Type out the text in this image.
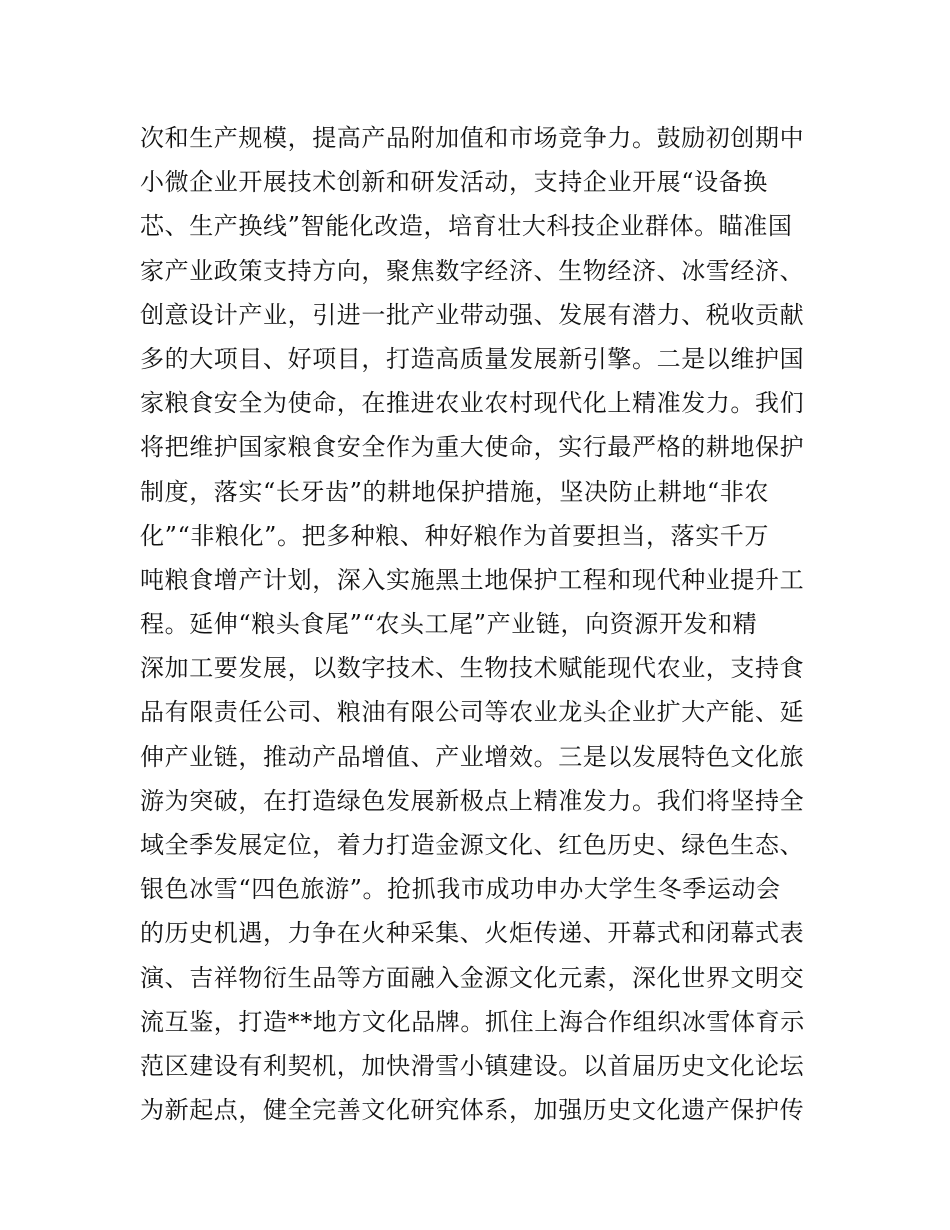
次和生产规模，提高产品附加值和市场竞争力。鼓励初创期中
小微企业开展技术创新和研发活动，支持企业开展“设备换
芯、生产换线”智能化改造，培育壮大科技企业群体。瞄准国
家产业政策支持方向，聚焦数字经济、生物经济、冰雪经济、
创意设计产业，引进一批产业带动强、发展有潜力、税收贡献
多的大项目、好项目，打造高质量发展新引擎。二是以维护国
家粮食安全为使命，在推进农业农村现代化上精准发力。我们
将把维护国家粮食安全作为重大使命，实行最严格的耕地保护
制度，落实“长牙齿”的耕地保护措施，坚决防止耕地“非农
化”“非粮化”。把多种粮、种好粮作为首要担当，落实千万
吨粮食增产计划，深入实施黑土地保护工程和现代种业提升工
程。延伸“粮头食尾”“农头工尾”产业链，向资源开发和精
深加工要发展，以数字技术、生物技术赋能现代农业，支持食
品有限责任公司、粮油有限公司等农业龙头企业扩大产能、延
伸产业链，推动产品增值、产业增效。三是以发展特色文化旅
游为突破，在打造绿色发展新极点上精准发力。我们将坚持全
域全季发展定位，着力打造金源文化、红色历史、绿色生态、
银色冰雪“四色旅游”。抢抓我市成功申办大学生冬季运动会
的历史机遇，力争在火种采集、火炬传递、开幕式和闭幕式表
演、吉祥物衍生品等方面融入金源文化元素，深化世界文明交
流互鉴，打造**地方文化品牌。抓住上海合作组织冰雪体育示
范区建设有利契机，加快滑雪小镇建设。以首届历史文化论坛
为新起点，健全完善文化研究体系，加强历史文化遗产保护传
